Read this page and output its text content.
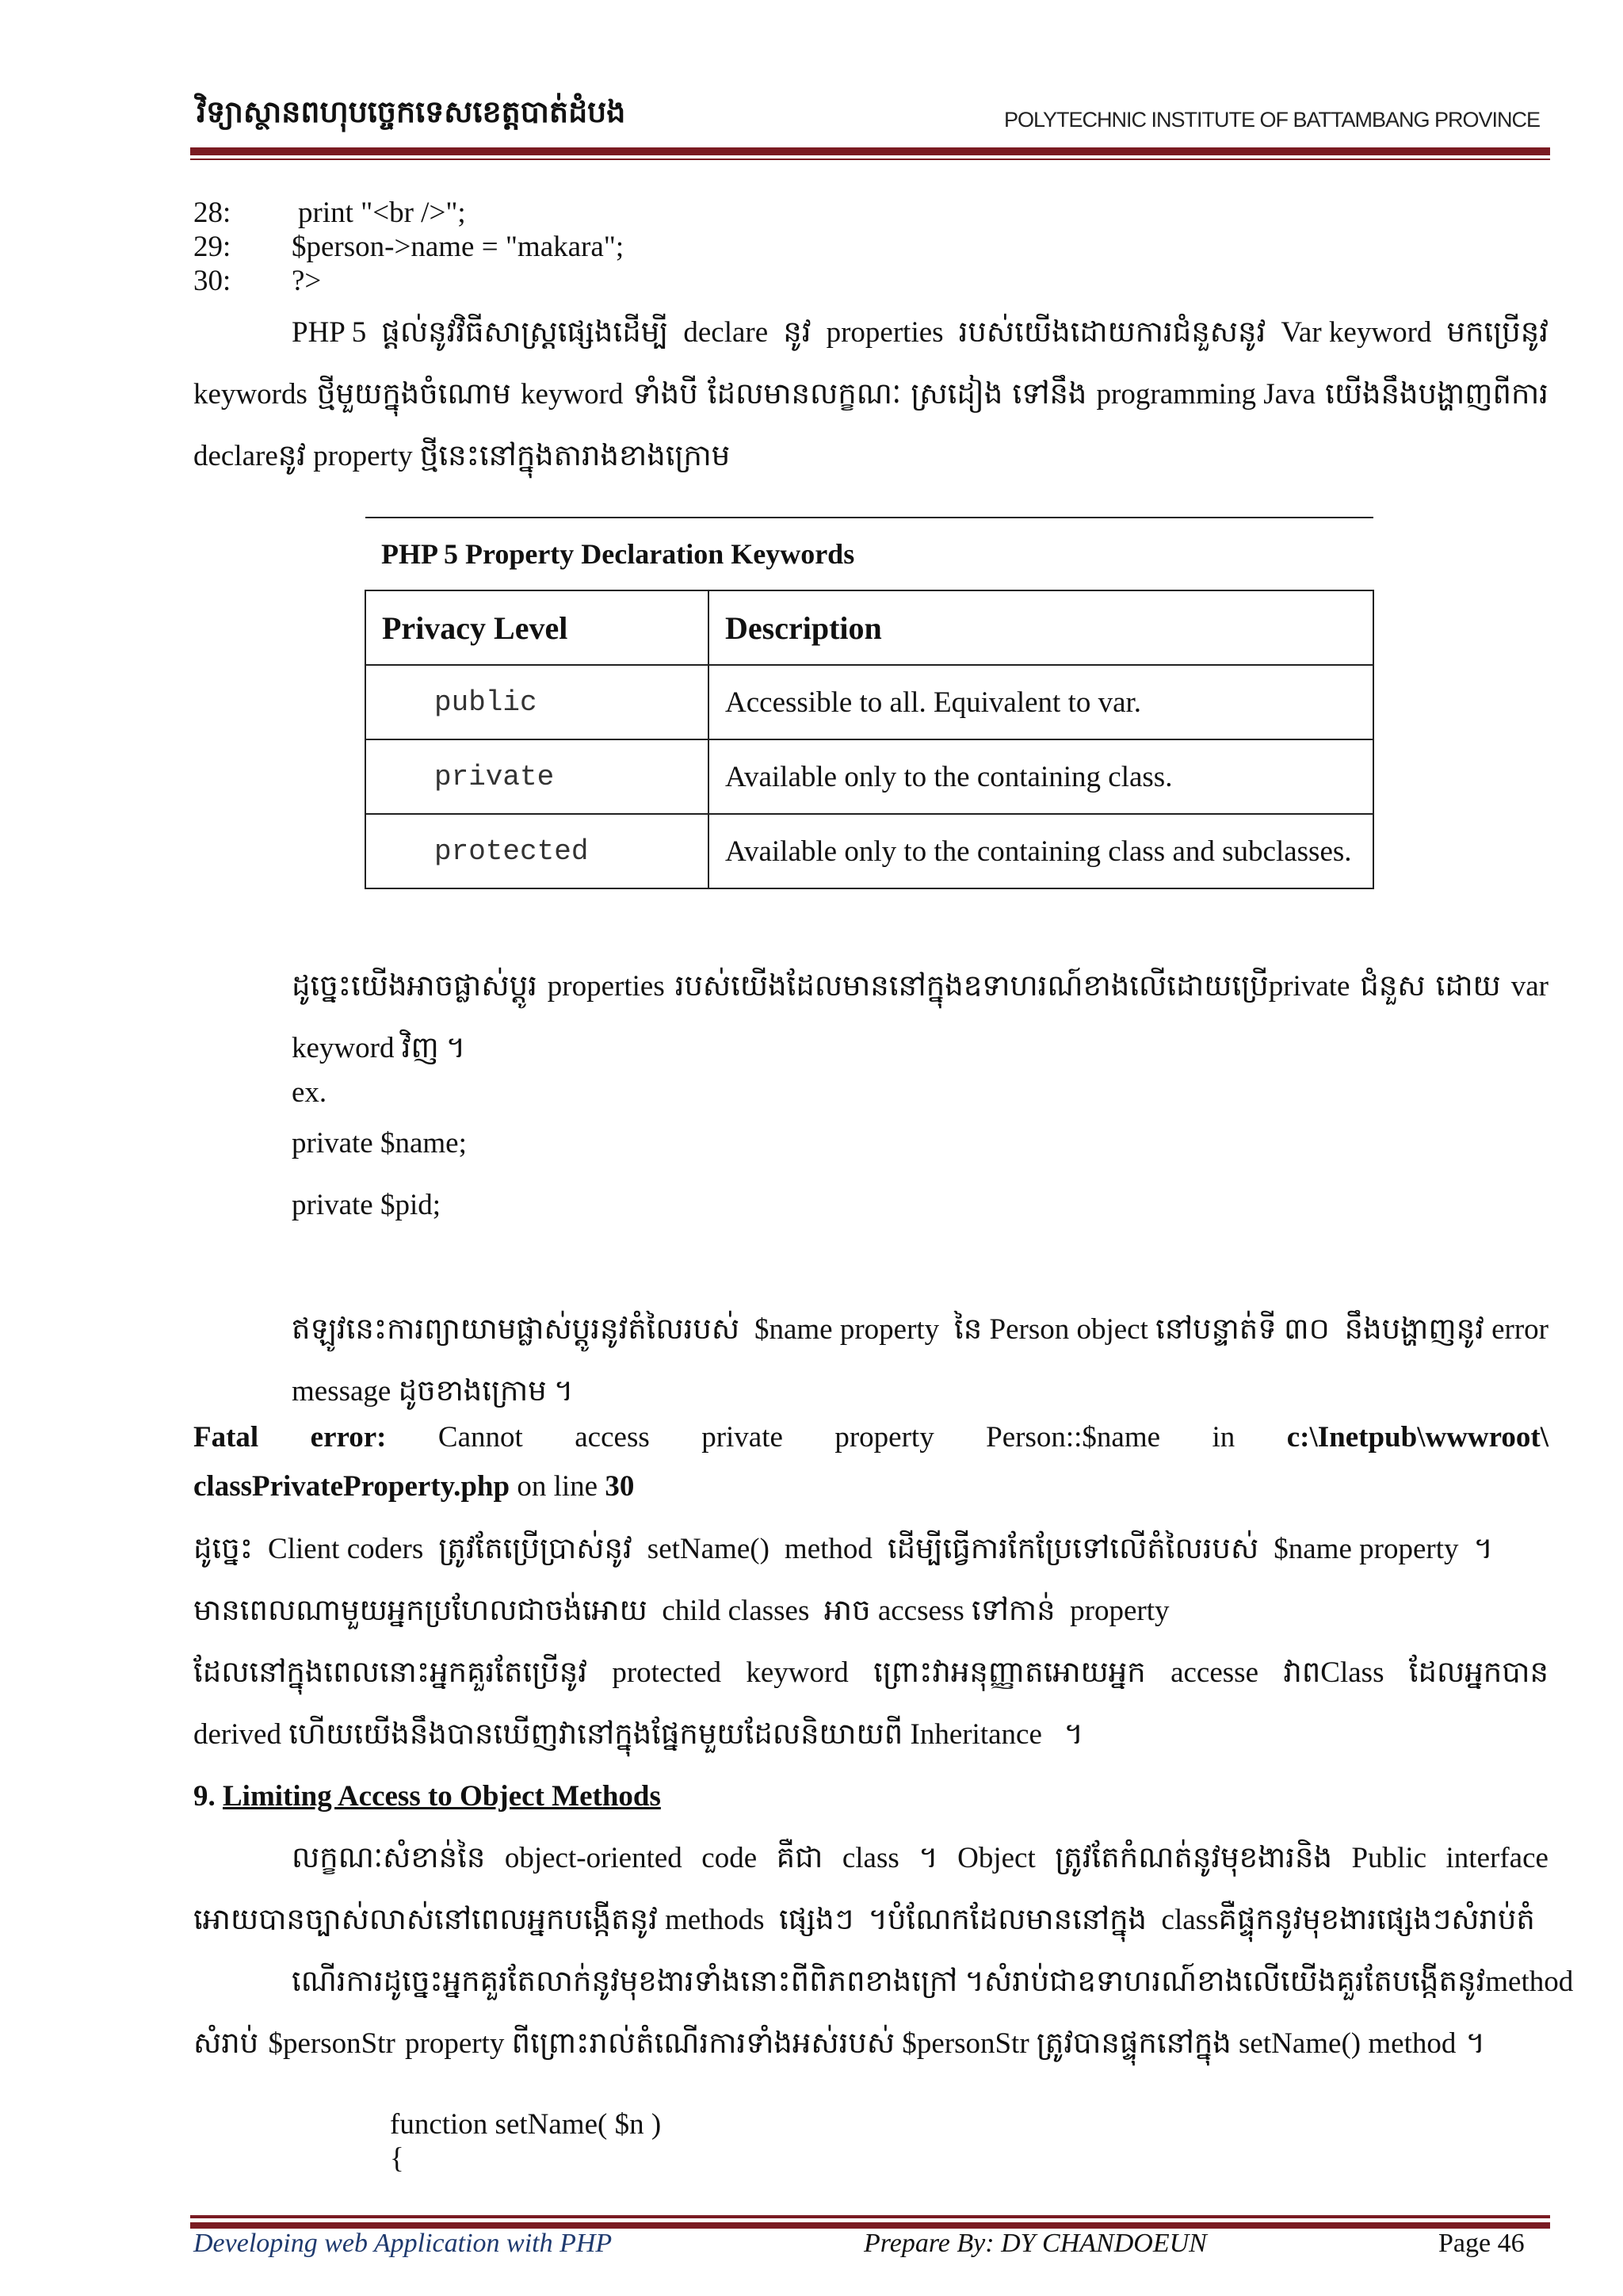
វិទ្យាស្ថានពហុបច្ចេកទេសខេត្តបាត់ដំបង	POLYTECHNIC INSTITUTE OF BATTAMBANG PROVINCE
28: print "<br />";
29: $person->name = "makara";
30: ?>
PHP 5 ផ្ដល់នូវវិធីសាស្ត្រផ្សេងដើម្បី declare នូវ properties របស់យើងដោយការជំនួសនូវ Var keyword មកប្រើនូវ
keywords ថ្មីមួយក្នុងចំណោម keyword ទាំងបី ដែលមានលក្ខណៈ ស្រដៀង ទៅនឹង programming Java យើងនឹងបង្ហាញពីការ
declareនូវ property ថ្មីនេះនៅក្នុងតារាងខាងក្រោម
PHP 5 Property Declaration Keywords	
Privacy Level	Description
public	Accessible to all. Equivalent to var.
private	Available only to the containing class.
protected	Available only to the containing class and subclasses.
ដូច្នេះយើងអាចផ្លាស់ប្ដូរ properties របស់យើងដែលមាននៅក្នុងឧទាហរណ៍ខាងលើដោយប្រើprivate ជំនួស ដោយ var
keyword វិញ ។
ex.
private $name;
private $pid;
ឥឡូវនេះការព្យាយាមផ្លាស់ប្ដូរនូវតំលៃរបស់ $name property នៃ Person object នៅបន្ទាត់ទី ៣០ នឹងបង្ហាញនូវ error
message ដូចខាងក្រោម ។
Fatal error: Cannot access private property Person::$name in c:\Inetpub\wwwroot\
classPrivateProperty.php on line 30
ដូច្នេះ Client coders ត្រូវតែប្រើប្រាស់នូវ setName() method ដើម្បីធ្វើការកែប្រែទៅលើតំលៃរបស់ $name property ។
មានពេលណាមួយអ្នកប្រហែលជាចង់អោយ  child classes  អាច accsess ទៅកាន់  property
ដែលនៅក្នុងពេលនោះអ្នកគួរតែប្រើនូវ protected keyword ព្រោះវាអនុញ្ញាតអោយអ្នក accesse វាពClass ដែលអ្នកបាន
derived ហើយយើងនឹងបានឃើញវានៅក្នុងផ្នែកមួយដែលនិយាយពី Inheritance   ។
9. Limiting Access to Object Methods
លក្ខណៈសំខាន់នៃ object-oriented code គឺជា class ។ Object ត្រូវតែកំណត់នូវមុខងារនិង Public interface
អោយបានច្បាស់លាស់នៅពេលអ្នកបង្កើតនូវ methods  ផ្សេងៗ  ។បំណែកដែលមាននៅក្នុង  classគឺផ្ទុកនូវមុខងារផ្សេងៗសំរាប់តំ
ណើរការដូច្នេះអ្នកគួរតែលាក់នូវមុខងារទាំងនោះពីពិភពខាងក្រៅ ។ សំរាប់ជាឧទាហរណ៍ខាងលើយើងគួរតែបង្កើតនូវ method
សំរាប់ $personStr property ពីព្រោះរាល់តំណើរការទាំងអស់របស់ $personStr ត្រូវបានផ្ទុកនៅក្នុង setName() method ។
function setName( $n )
{
Developing web Application with PHP	Prepare By: DY CHANDOEUN	Page 46
